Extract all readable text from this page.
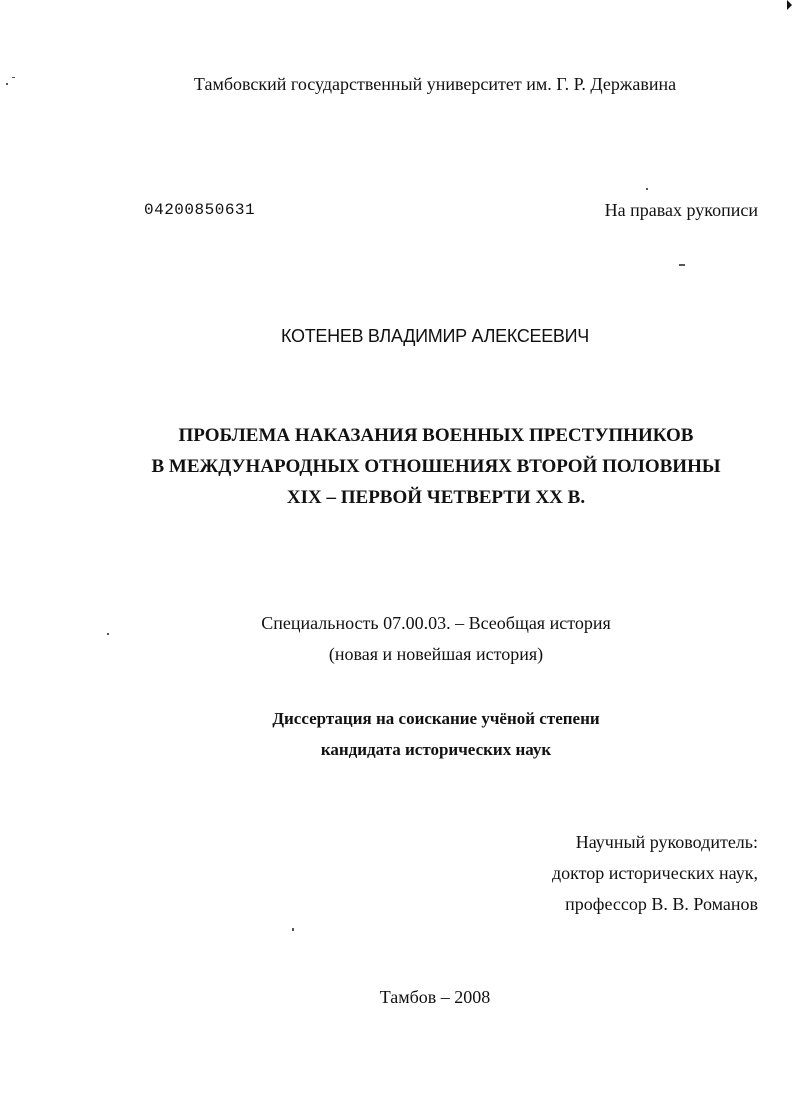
Тамбовский государственный университет им. Г. Р. Державина
04200850631	На правах рукописи
КОТЕНЕВ ВЛАДИМИР АЛЕКСЕЕВИЧ
ПРОБЛЕМА НАКАЗАНИЯ ВОЕННЫХ ПРЕСТУПНИКОВ
В МЕЖДУНАРОДНЫХ ОТНОШЕНИЯХ ВТОРОЙ ПОЛОВИНЫ
XIX – ПЕРВОЙ ЧЕТВЕРТИ XX В.
Специальность 07.00.03. – Всеобщая история
(новая и новейшая история)
Диссертация на соискание учёной степени
кандидата исторических наук
Научный руководитель:
доктор исторических наук,
профессор В. В. Романов
Тамбов – 2008
